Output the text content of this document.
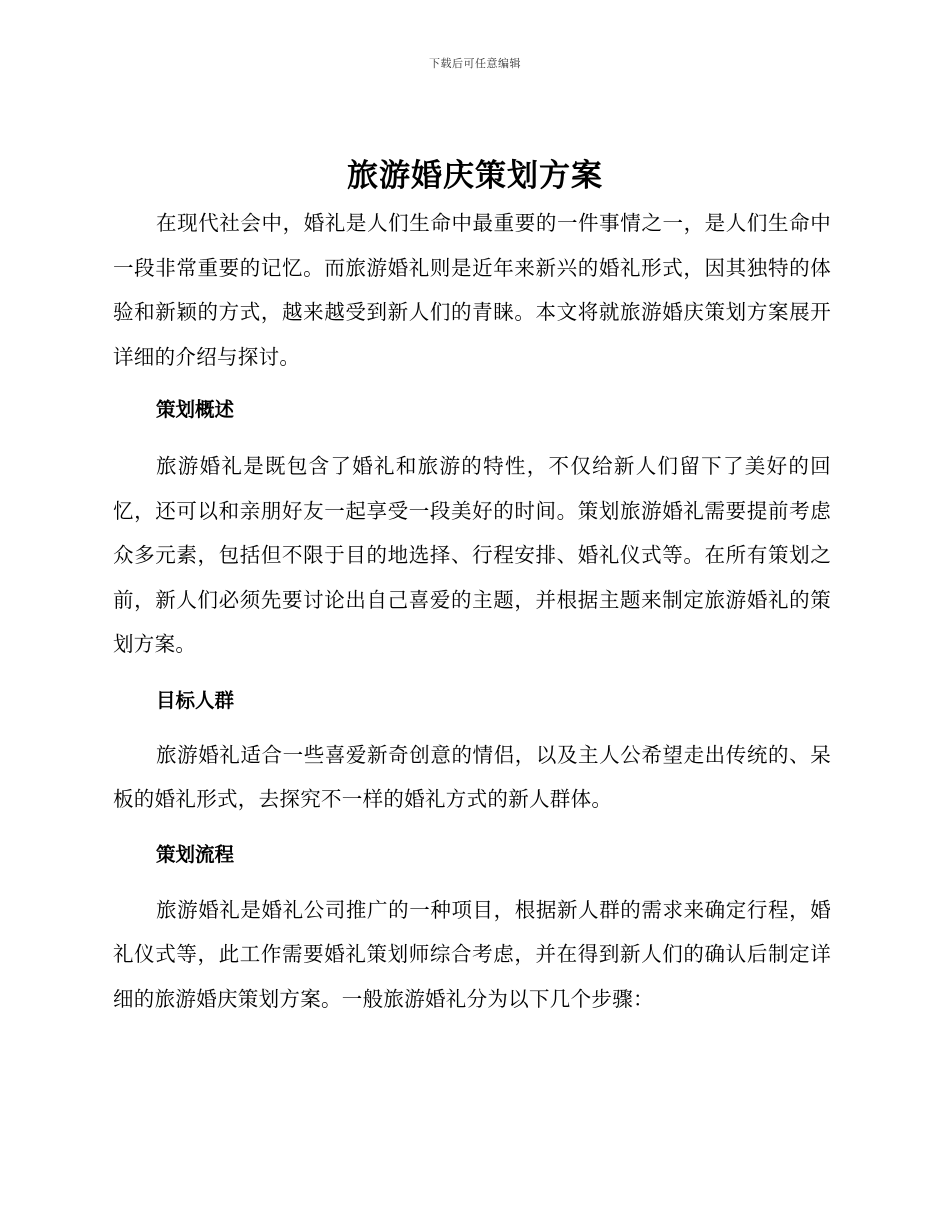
下载后可任意编辑
旅游婚庆策划方案

在现代社会中，婚礼是人们生命中最重要的一件事情之一，是人们生命中一段非常重要的记忆。而旅游婚礼则是近年来新兴的婚礼形式，因其独特的体验和新颖的方式，越来越受到新人们的青睐。本文将就旅游婚庆策划方案展开详细的介绍与探讨。

策划概述

旅游婚礼是既包含了婚礼和旅游的特性，不仅给新人们留下了美好的回忆，还可以和亲朋好友一起享受一段美好的时间。策划旅游婚礼需要提前考虑众多元素，包括但不限于目的地选择、行程安排、婚礼仪式等。在所有策划之前，新人们必须先要讨论出自己喜爱的主题，并根据主题来制定旅游婚礼的策划方案。

目标人群

旅游婚礼适合一些喜爱新奇创意的情侣，以及主人公希望走出传统的、呆板的婚礼形式，去探究不一样的婚礼方式的新人群体。

策划流程

旅游婚礼是婚礼公司推广的一种项目，根据新人群的需求来确定行程，婚礼仪式等，此工作需要婚礼策划师综合考虑，并在得到新人们的确认后制定详细的旅游婚庆策划方案。一般旅游婚礼分为以下几个步骤：
